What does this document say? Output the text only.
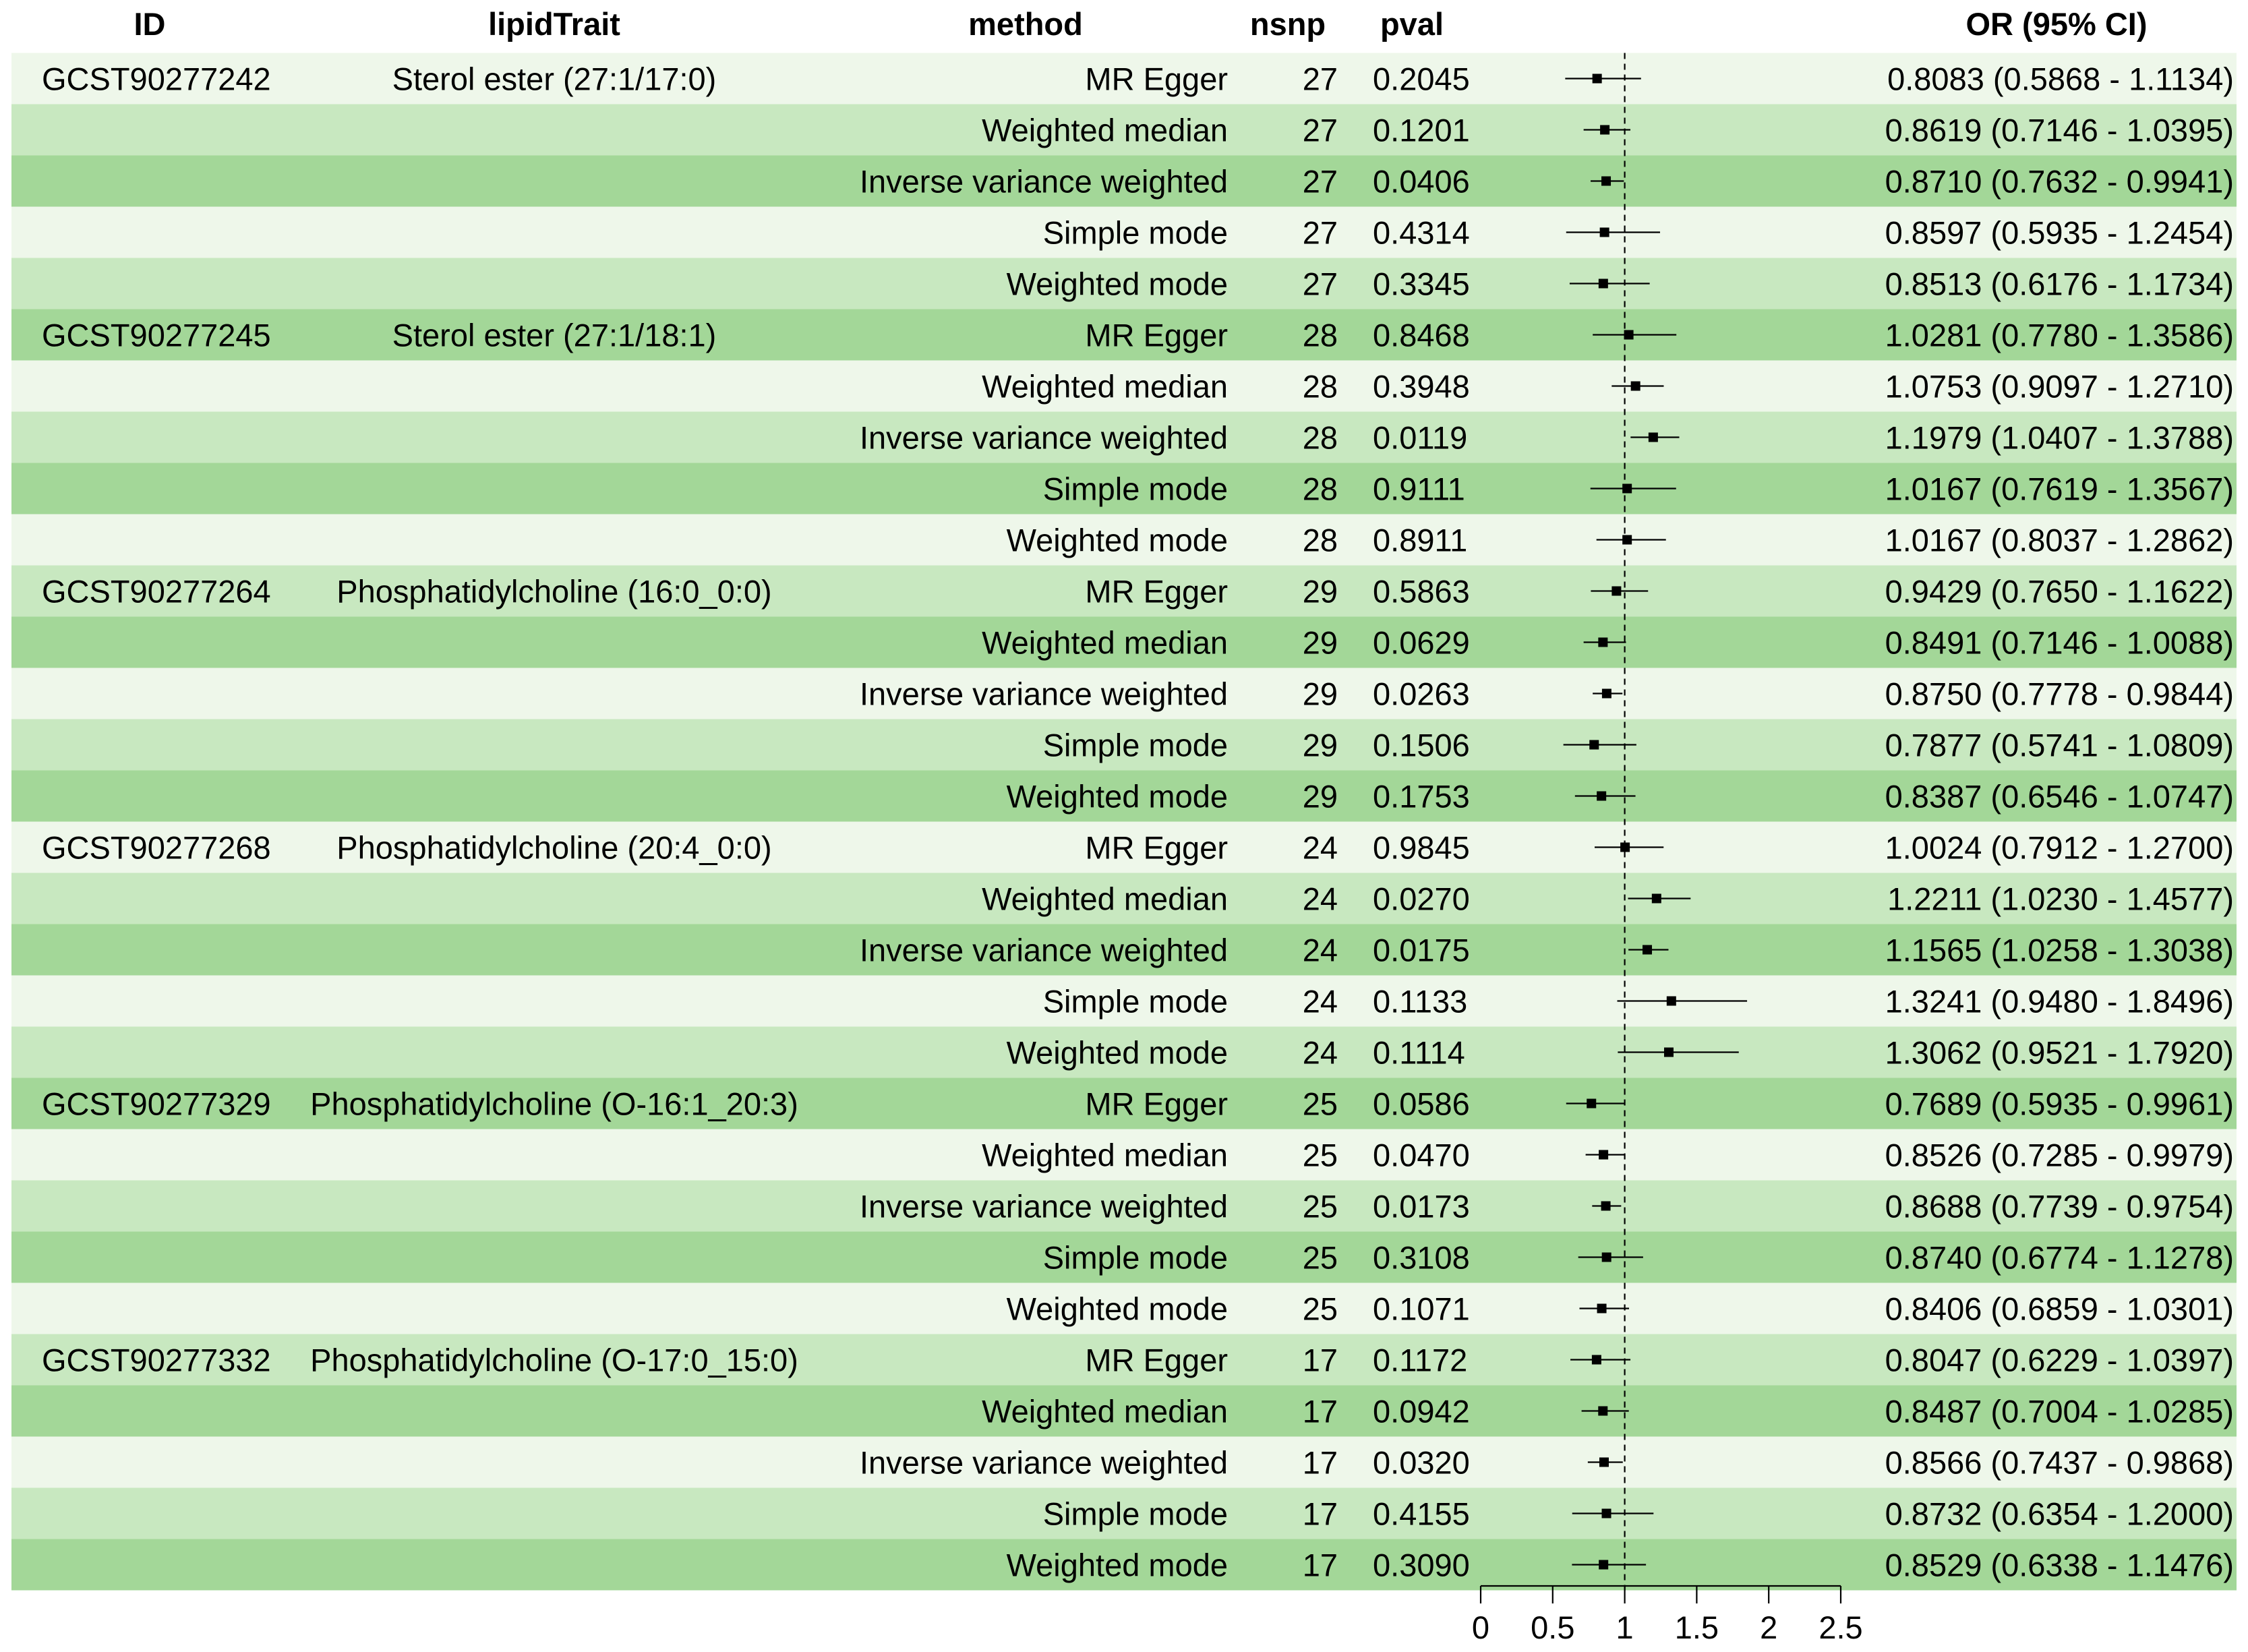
ID	lipidTrait	method	nsnp pval	OR (95% CI)
GCST90277242	Sterol ester (27:1/17:0)	MR Egger 27 0.2045	0.8083 (0.5868 - 1.1134)
Weighted median 27 0.1201	0.8619 (0.7146 - 1.0395)
Inverse variance weighted 27 0.0406	0.8710 (0.7632 - 0.9941)
Simple mode 27 0.4314	0.8597 (0.5935 - 1.2454)
Weighted mode 27 0.3345	0.8513 (0.6176 - 1.1734)
GCST90277245	Sterol ester (27:1/18:1)	MR Egger 28 0.8468	1.0281 (0.7780 - 1.3586)
Weighted median 28 0.3948	1.0753 (0.9097 - 1.2710)
Inverse variance weighted 28 0.0119	1.1979 (1.0407 - 1.3788)
Simple mode 28 0.9111	1.0167 (0.7619 - 1.3567)
Weighted mode 28 0.8911	1.0167 (0.8037 - 1.2862)
GCST90277264 Phosphatidylcholine (16:0_0:0)	MR Egger 29 0.5863	0.9429 (0.7650 - 1.1622)
Weighted median 29 0.0629	0.8491 (0.7146 - 1.0088)
Inverse variance weighted 29 0.0263	0.8750 (0.7778 - 0.9844)
Simple mode 29 0.1506	0.7877 (0.5741 - 1.0809)
Weighted mode 29 0.1753	0.8387 (0.6546 - 1.0747)
GCST90277268 Phosphatidylcholine (20:4_0:0)	MR Egger 24 0.9845	1.0024 (0.7912 - 1.2700)
Weighted median 24 0.0270	1.2211 (1.0230 - 1.4577)
Inverse variance weighted 24 0.0175	1.1565 (1.0258 - 1.3038)
Simple mode 24 0.1133	1.3241 (0.9480 - 1.8496)
Weighted mode 24 0.1114	1.3062 (0.9521 - 1.7920)
GCST90277329 Phosphatidylcholine (O-16:1_20:3)	MR Egger 25 0.0586	0.7689 (0.5935 - 0.9961)
Weighted median 25 0.0470	0.8526 (0.7285 - 0.9979)
Inverse variance weighted 25 0.0173	0.8688 (0.7739 - 0.9754)
Simple mode 25 0.3108	0.8740 (0.6774 - 1.1278)
Weighted mode 25 0.1071	0.8406 (0.6859 - 1.0301)
GCST90277332 Phosphatidylcholine (O-17:0_15:0)	MR Egger 17 0.1172	0.8047 (0.6229 - 1.0397)
Weighted median 17 0.0942	0.8487 (0.7004 - 1.0285)
Inverse variance weighted 17 0.0320	0.8566 (0.7437 - 0.9868)
Simple mode 17 0.4155	0.8732 (0.6354 - 1.2000)
Weighted mode 17 0.3090	0.8529 (0.6338 - 1.1476)
0 0.5 1 1.5 2 2.5
